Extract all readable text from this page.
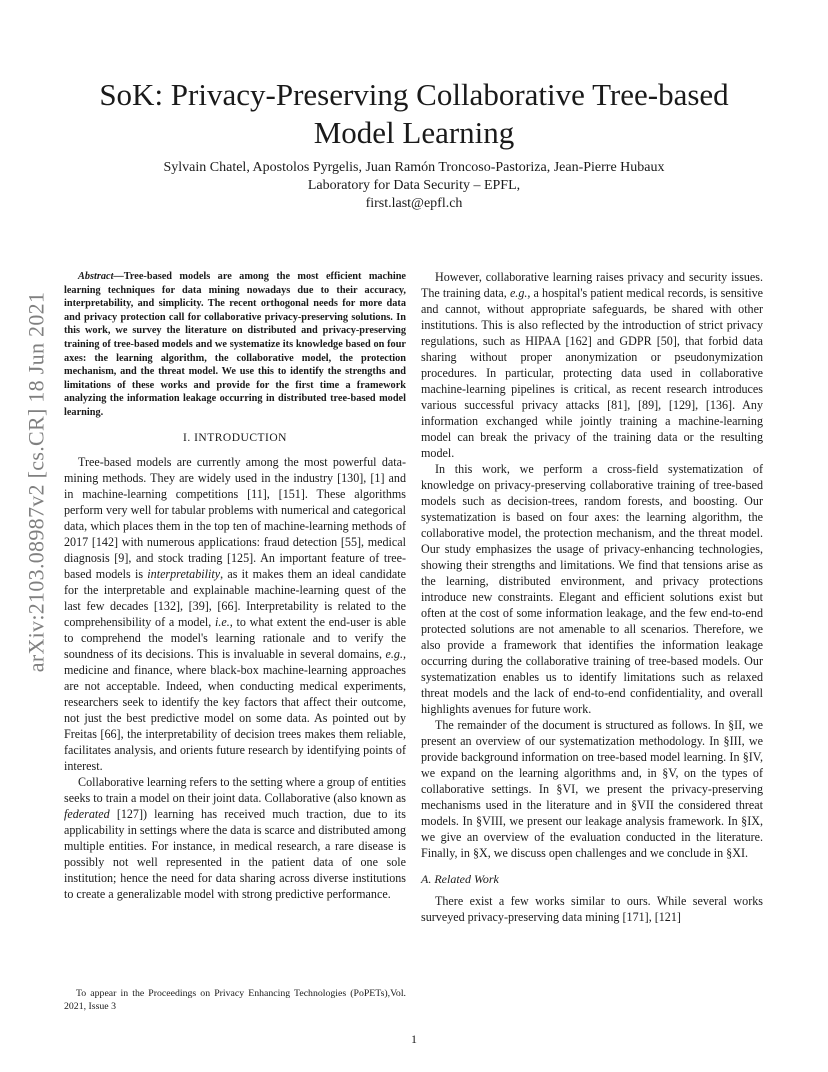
arXiv:2103.08987v2 [cs.CR] 18 Jun 2021
SoK: Privacy-Preserving Collaborative Tree-based
Model Learning
Sylvain Chatel, Apostolos Pyrgelis, Juan Ramón Troncoso-Pastoriza, Jean-Pierre Hubaux
Laboratory for Data Security – EPFL,
first.last@epfl.ch

Abstract—Tree-based models are among the most efficient machine learning techniques for data mining nowadays due to their accuracy, interpretability, and simplicity. The recent orthogonal needs for more data and privacy protection call for collaborative privacy-preserving solutions. In this work, we survey the literature on distributed and privacy-preserving training of tree-based models and we systematize its knowledge based on four axes: the learning algorithm, the collaborative model, the protection mechanism, and the threat model. We use this to identify the strengths and limitations of these works and provide for the first time a framework analyzing the information leakage occurring in distributed tree-based model learning.

I. INTRODUCTION

Tree-based models are currently among the most powerful data-mining methods. They are widely used in the industry [130], [1] and in machine-learning competitions [11], [151]. These algorithms perform very well for tabular problems with numerical and categorical data, which places them in the top ten of machine-learning methods of 2017 [142] with numerous applications: fraud detection [55], medical diagnosis [9], and stock trading [125]. An important feature of tree-based models is interpretability, as it makes them an ideal candidate for the interpretable and explainable machine-learning quest of the last few decades [132], [39], [66]. Interpretability is related to the comprehensibility of a model, i.e., to what extent the end-user is able to comprehend the model's learning rationale and to verify the soundness of its decisions. This is invaluable in several domains, e.g., medicine and finance, where black-box machine-learning approaches are not acceptable. Indeed, when conducting medical experiments, researchers seek to identify the key factors that affect their outcome, not just the best predictive model on some data. As pointed out by Freitas [66], the interpretability of decision trees makes them reliable, facilitates analysis, and orients future research by identifying points of interest.

Collaborative learning refers to the setting where a group of entities seeks to train a model on their joint data. Collaborative (also known as federated [127]) learning has received much traction, due to its applicability in settings where the data is scarce and distributed among multiple entities. For instance, in medical research, a rare disease is possibly not well represented in the patient data of one sole institution; hence the need for data sharing across diverse institutions to create a generalizable model with strong predictive performance.

To appear in the Proceedings on Privacy Enhancing Technologies (PoPETs),Vol. 2021, Issue 3

However, collaborative learning raises privacy and security issues. The training data, e.g., a hospital's patient medical records, is sensitive and cannot, without appropriate safeguards, be shared with other institutions. This is also reflected by the introduction of strict privacy regulations, such as HIPAA [162] and GDPR [50], that forbid data sharing without proper anonymization or pseudonymization procedures. In particular, protecting data used in collaborative machine-learning pipelines is critical, as recent research introduces various successful privacy attacks [81], [89], [129], [136]. Any information exchanged while jointly training a machine-learning model can break the privacy of the training data or the resulting model.

In this work, we perform a cross-field systematization of knowledge on privacy-preserving collaborative training of tree-based models such as decision-trees, random forests, and boosting. Our systematization is based on four axes: the learning algorithm, the collaborative model, the protection mechanism, and the threat model. Our study emphasizes the usage of privacy-enhancing technologies, showing their strengths and limitations. We find that tensions arise as the learning, distributed environment, and privacy protections introduce new constraints. Elegant and efficient solutions exist but often at the cost of some information leakage, and the few end-to-end protected solutions are not amenable to all scenarios. Therefore, we also provide a framework that identifies the information leakage occurring during the collaborative training of tree-based models. Our systematization enables us to identify limitations such as relaxed threat models and the lack of end-to-end confidentiality, and overall highlights avenues for future work.

The remainder of the document is structured as follows. In §II, we present an overview of our systematization methodology. In §III, we provide background information on tree-based model learning. In §IV, we expand on the learning algorithms and, in §V, on the types of collaborative settings. In §VI, we present the privacy-preserving mechanisms used in the literature and in §VII the considered threat models. In §VIII, we present our leakage analysis framework. In §IX, we give an overview of the evaluation conducted in the literature. Finally, in §X, we discuss open challenges and we conclude in §XI.

A. Related Work

There exist a few works similar to ours. While several works surveyed privacy-preserving data mining [171], [121]

1
